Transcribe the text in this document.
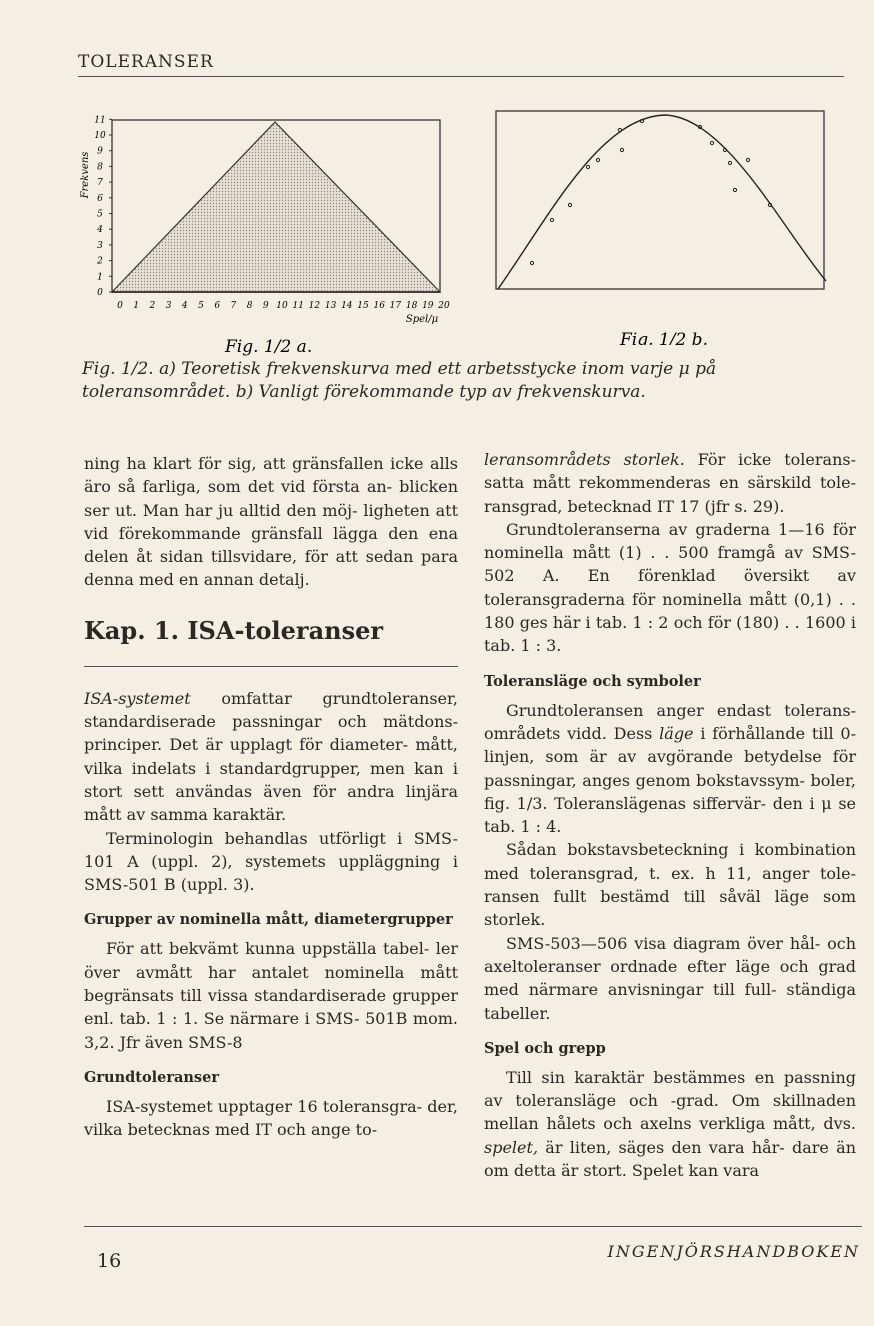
TOLERANSER
0
1
2
3
4
5
6
7
8
9
10
11
0 1 2 3 4 5 6 7 8 9 10 11 12 13 14 15 16 17 18 19 20
Frekvens
Spel/μ
Fig. 1/2 a.	Fig. 1/2 b.
Fig. 1/2. a) Teoretisk frekvenskurva med ett arbetsstycke inom varje μ på toleransområdet. b) Vanligt förekommande typ av frekvenskurva.

ning ha klart för sig, att gränsfallen icke alls äro så farliga, som det vid första an- blicken ser ut. Man har ju alltid den möj- ligheten att vid förekommande gränsfall lägga den ena delen åt sidan tillsvidare, för att sedan para denna med en annan detalj.

Kap. 1. ISA-toleranser

ISA-systemet omfattar grundtoleranser, standardiserade passningar och mätdons- principer. Det är upplagt för diameter- mått, vilka indelats i standardgrupper, men kan i stort sett användas även för andra linjära mått av samma karaktär.

Terminologin behandlas utförligt i SMS- 101 A (uppl. 2), systemets uppläggning i SMS-501 B (uppl. 3).

Grupper av nominella mått, diametergrupper

För att bekvämt kunna uppställa tabel- ler över avmått har antalet nominella mått begränsats till vissa standardiserade grupper enl. tab. 1 : 1. Se närmare i SMS- 501B mom. 3,2. Jfr även SMS-8

Grundtoleranser

ISA-systemet upptager 16 toleransgra- der, vilka betecknas med IT och ange to-

leransområdets storlek. För icke tolerans- satta mått rekommenderas en särskild tole- ransgrad, betecknad IT 17 (jfr s. 29).

Grundtoleranserna av graderna 1—16 för nominella mått (1) . . 500 framgå av SMS-502 A. En förenklad översikt av toleransgraderna för nominella mått (0,1) . . 180 ges här i tab. 1 : 2 och för (180) . . 1600 i tab. 1 : 3.

Toleransläge och symboler

Grundtoleransen anger endast tolerans- områdets vidd. Dess läge i förhållande till 0-linjen, som är av avgörande betydelse för passningar, anges genom bokstavssym- boler, fig. 1/3. Toleranslägenas siffervär- den i μ se tab. 1 : 4.

Sådan bokstavsbeteckning i kombination med toleransgrad, t. ex. h 11, anger tole- ransen fullt bestämd till såväl läge som storlek.

SMS-503—506 visa diagram över hål- och axeltoleranser ordnade efter läge och grad med närmare anvisningar till full- ständiga tabeller.

Spel och grepp

Till sin karaktär bestämmes en passning av toleransläge och -grad. Om skillnaden mellan hålets och axelns verkliga mått, dvs. spelet, är liten, säges den vara hår- dare än om detta är stort. Spelet kan vara

16	INGENJÖRSHANDBOKEN
